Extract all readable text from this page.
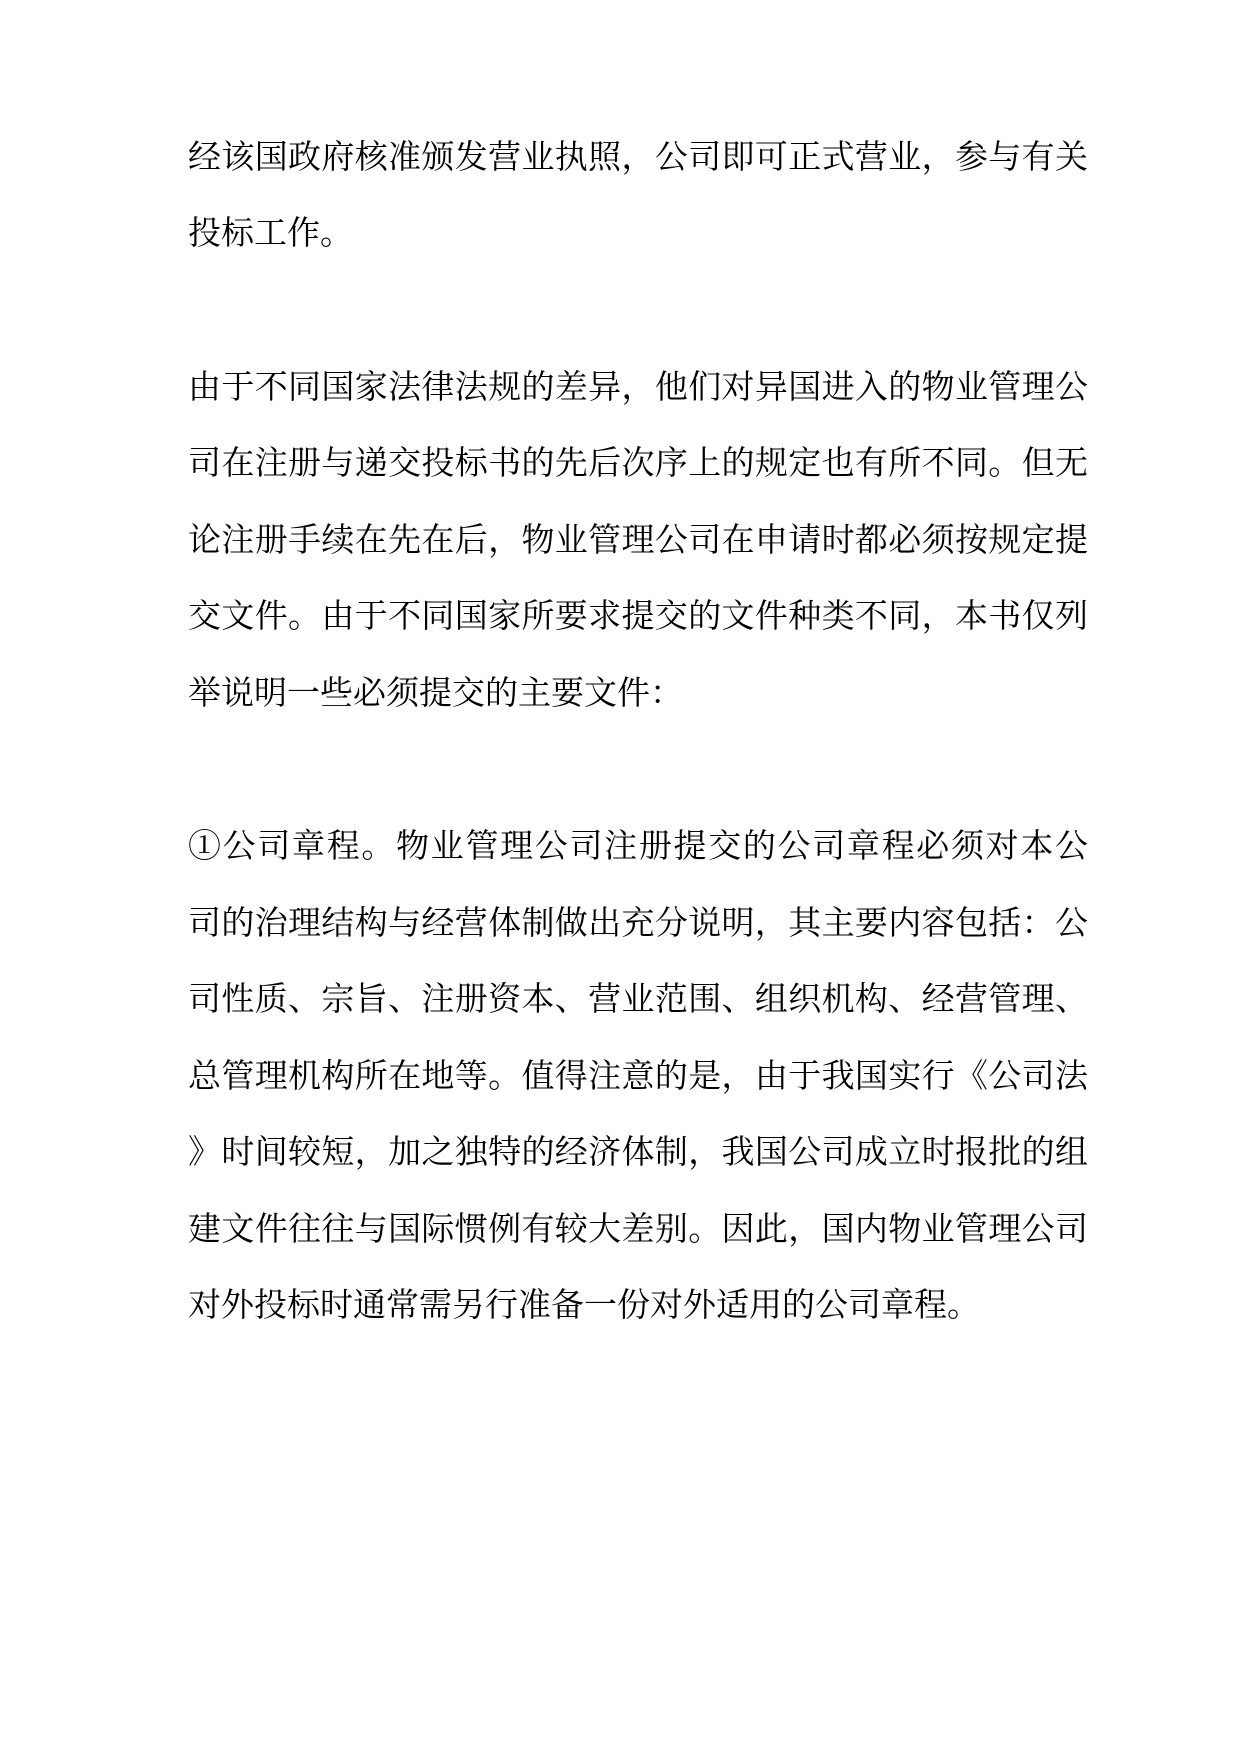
经该国政府核准颁发营业执照，公司即可正式营业，参与有关

投标工作。

由于不同国家法律法规的差异，他们对异国进入的物业管理公

司在注册与递交投标书的先后次序上的规定也有所不同。但无

论注册手续在先在后，物业管理公司在申请时都必须按规定提

交文件。由于不同国家所要求提交的文件种类不同，本书仅列

举说明一些必须提交的主要文件：

①公司章程。物业管理公司注册提交的公司章程必须对本公

司的治理结构与经营体制做出充分说明，其主要内容包括：公

司性质、宗旨、注册资本、营业范围、组织机构、经营管理、

总管理机构所在地等。值得注意的是，由于我国实行《公司法

》时间较短，加之独特的经济体制，我国公司成立时报批的组

建文件往往与国际惯例有较大差别。因此，国内物业管理公司

对外投标时通常需另行准备一份对外适用的公司章程。
